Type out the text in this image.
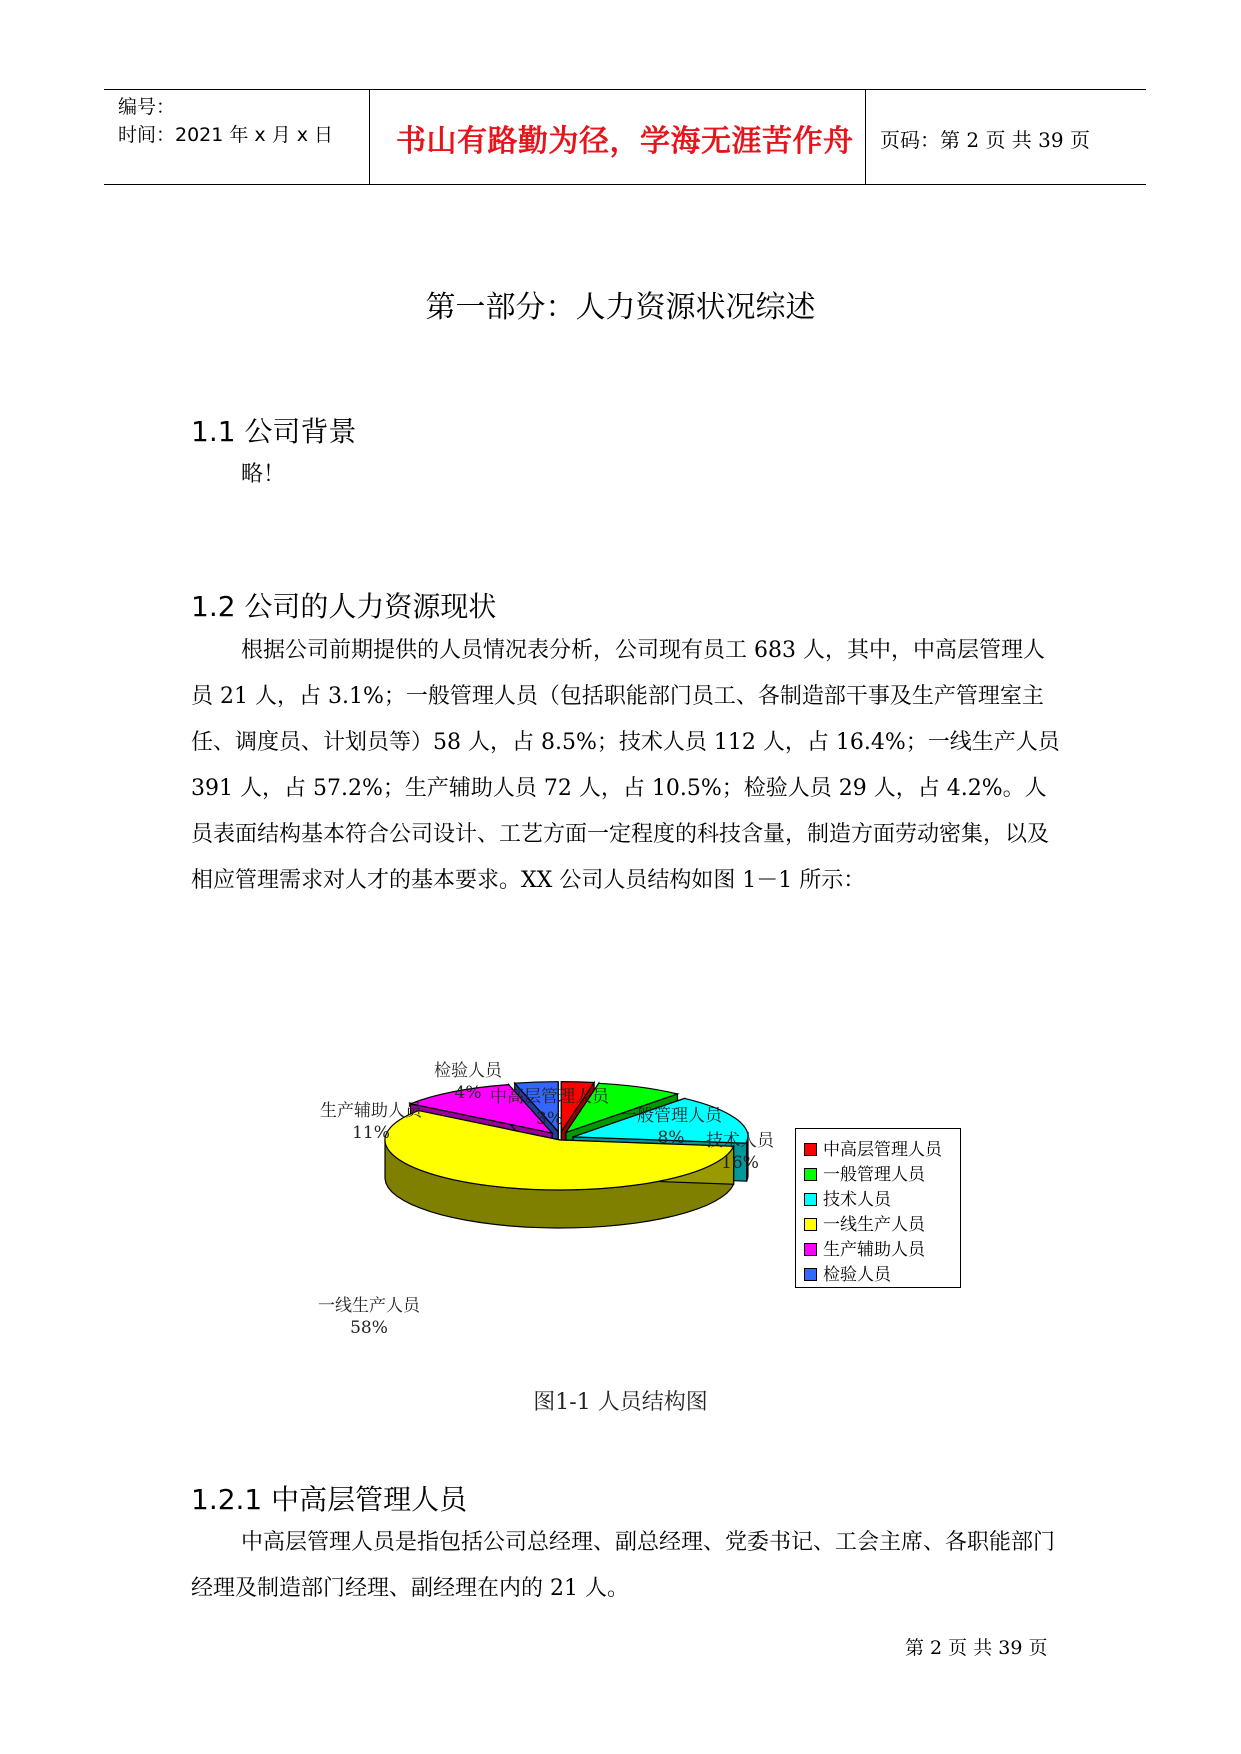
编号：
时间：2021 年 x 月 x 日 书山有路勤为径，学海无涯苦作舟 页码：第 2 页 共 39 页
第一部分：人力资源状况综述
1.1 公司背景

略！

1.2 公司的人力资源现状

根据公司前期提供的人员情况表分析，公司现有员工 683 人，其中，中高层管理人员 21 人，占 3.1%；一般管理人员（包括职能部门员工、各制造部干事及生产管理室主任、调度员、计划员等）58 人，占 8.5%；技术人员 112 人，占 16.4%；一线生产人员 391 人，占 57.2%；生产辅助人员 72 人，占 10.5%；检验人员 29 人，占 4.2%。人员表面结构基本符合公司设计、工艺方面一定程度的科技含量，制造方面劳动密集，以及相应管理需求对人才的基本要求。XX 公司人员结构如图 1－1 所示：

中高层管理人员
3%	一般管理人员
8%	技术人员
16%
一线生产人员
58%
生产辅助人员
11%
检验人员
4%
中高层管理人员
一般管理人员
技术人员
一线生产人员
生产辅助人员
检验人员
图1-1 人员结构图
1.2.1 中高层管理人员

中高层管理人员是指包括公司总经理、副总经理、党委书记、工会主席、各职能部门经理及制造部门经理、副经理在内的 21 人。

第 2 页 共 39 页
